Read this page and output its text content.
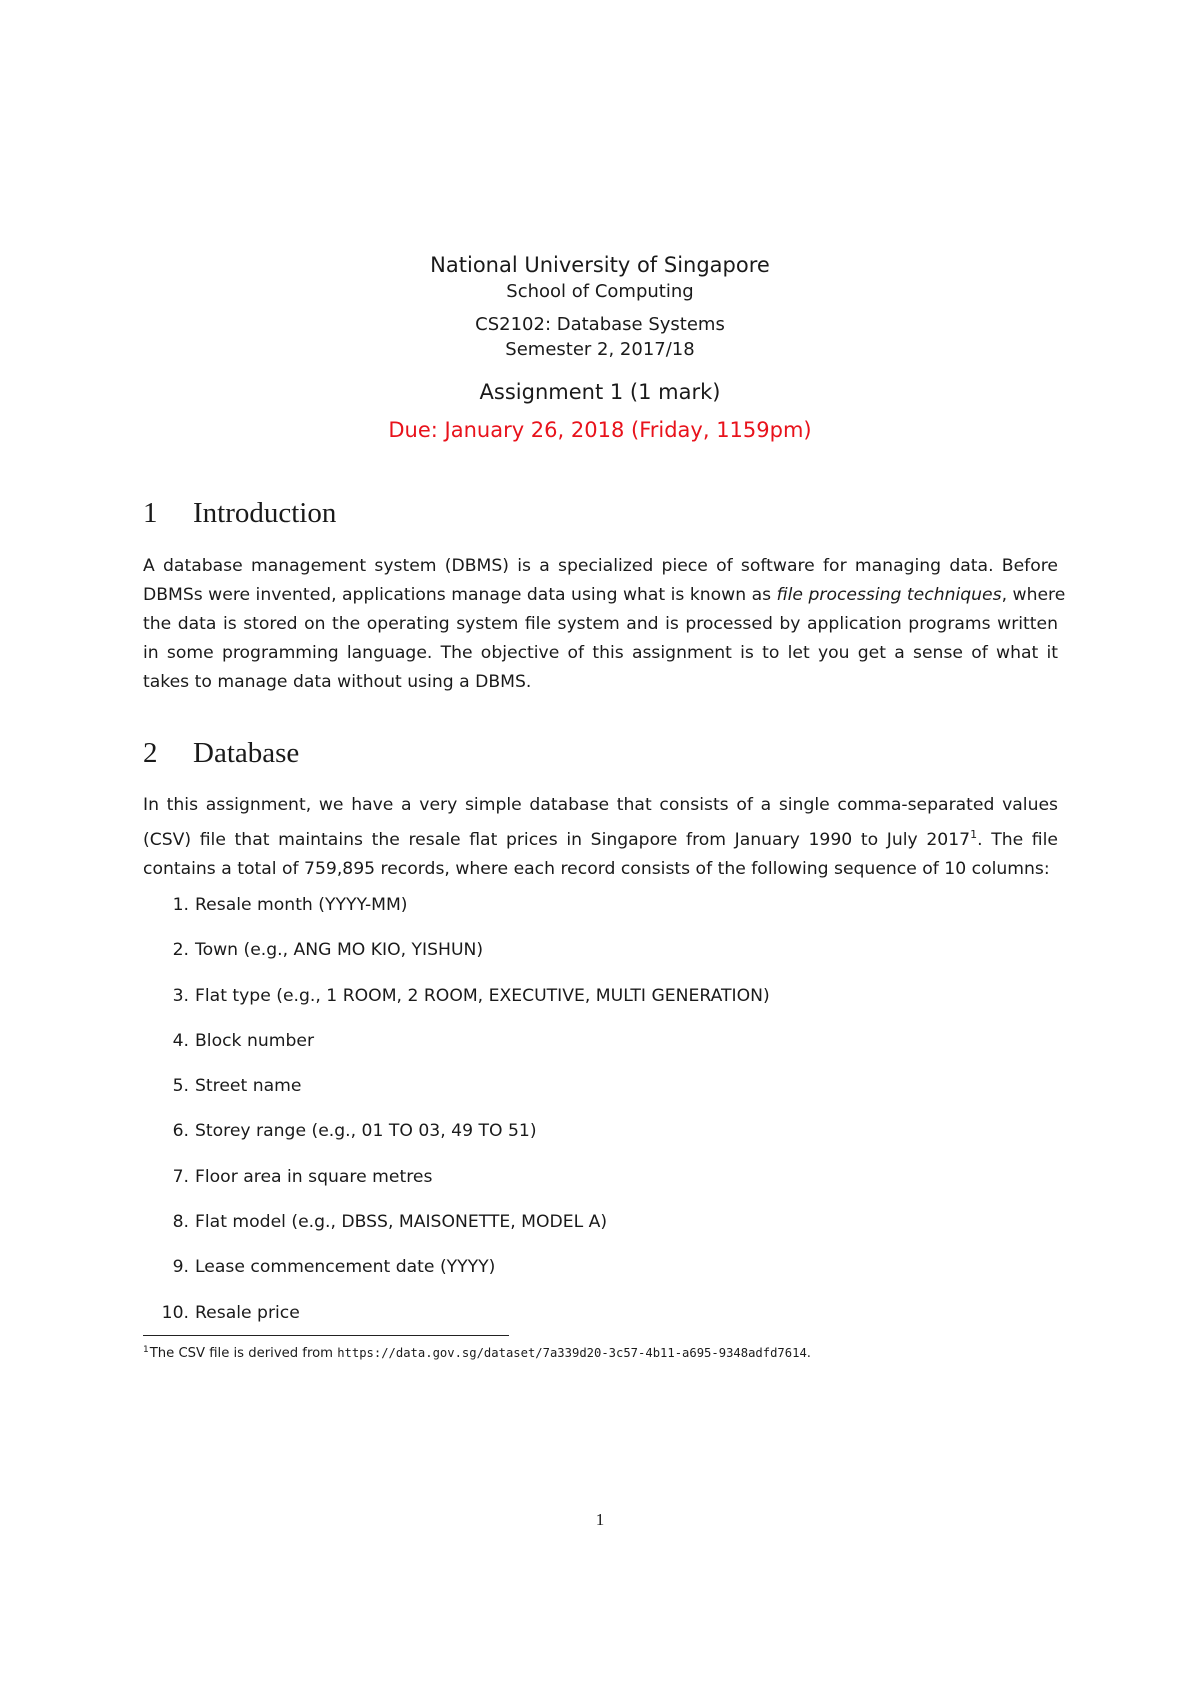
National University of Singapore
School of Computing
CS2102: Database Systems
Semester 2, 2017/18
Assignment 1 (1 mark)
Due: January 26, 2018 (Friday, 1159pm)
1 Introduction
A database management system (DBMS) is a specialized piece of software for managing data. Before
DBMSs were invented, applications manage data using what is known as file processing techniques, where
the data is stored on the operating system file system and is processed by application programs written
in some programming language. The objective of this assignment is to let you get a sense of what it
takes to manage data without using a DBMS.
2 Database
In this assignment, we have a very simple database that consists of a single comma-separated values
(CSV) file that maintains the resale flat prices in Singapore from January 1990 to July 2017$^1$. The file
contains a total of 759,895 records, where each record consists of the following sequence of 10 columns:
1. Resale month (YYYY-MM)
2. Town (e.g., ANG MO KIO, YISHUN)
3. Flat type (e.g., 1 ROOM, 2 ROOM, EXECUTIVE, MULTI GENERATION)
4. Block number
5. Street name
6. Storey range (e.g., 01 TO 03, 49 TO 51)
7. Floor area in square metres
8. Flat model (e.g., DBSS, MAISONETTE, MODEL A)
9. Lease commencement date (YYYY)
10. Resale price
$^1$The CSV file is derived from https://data.gov.sg/dataset/7a339d20-3c57-4b11-a695-9348adfd7614.
1
